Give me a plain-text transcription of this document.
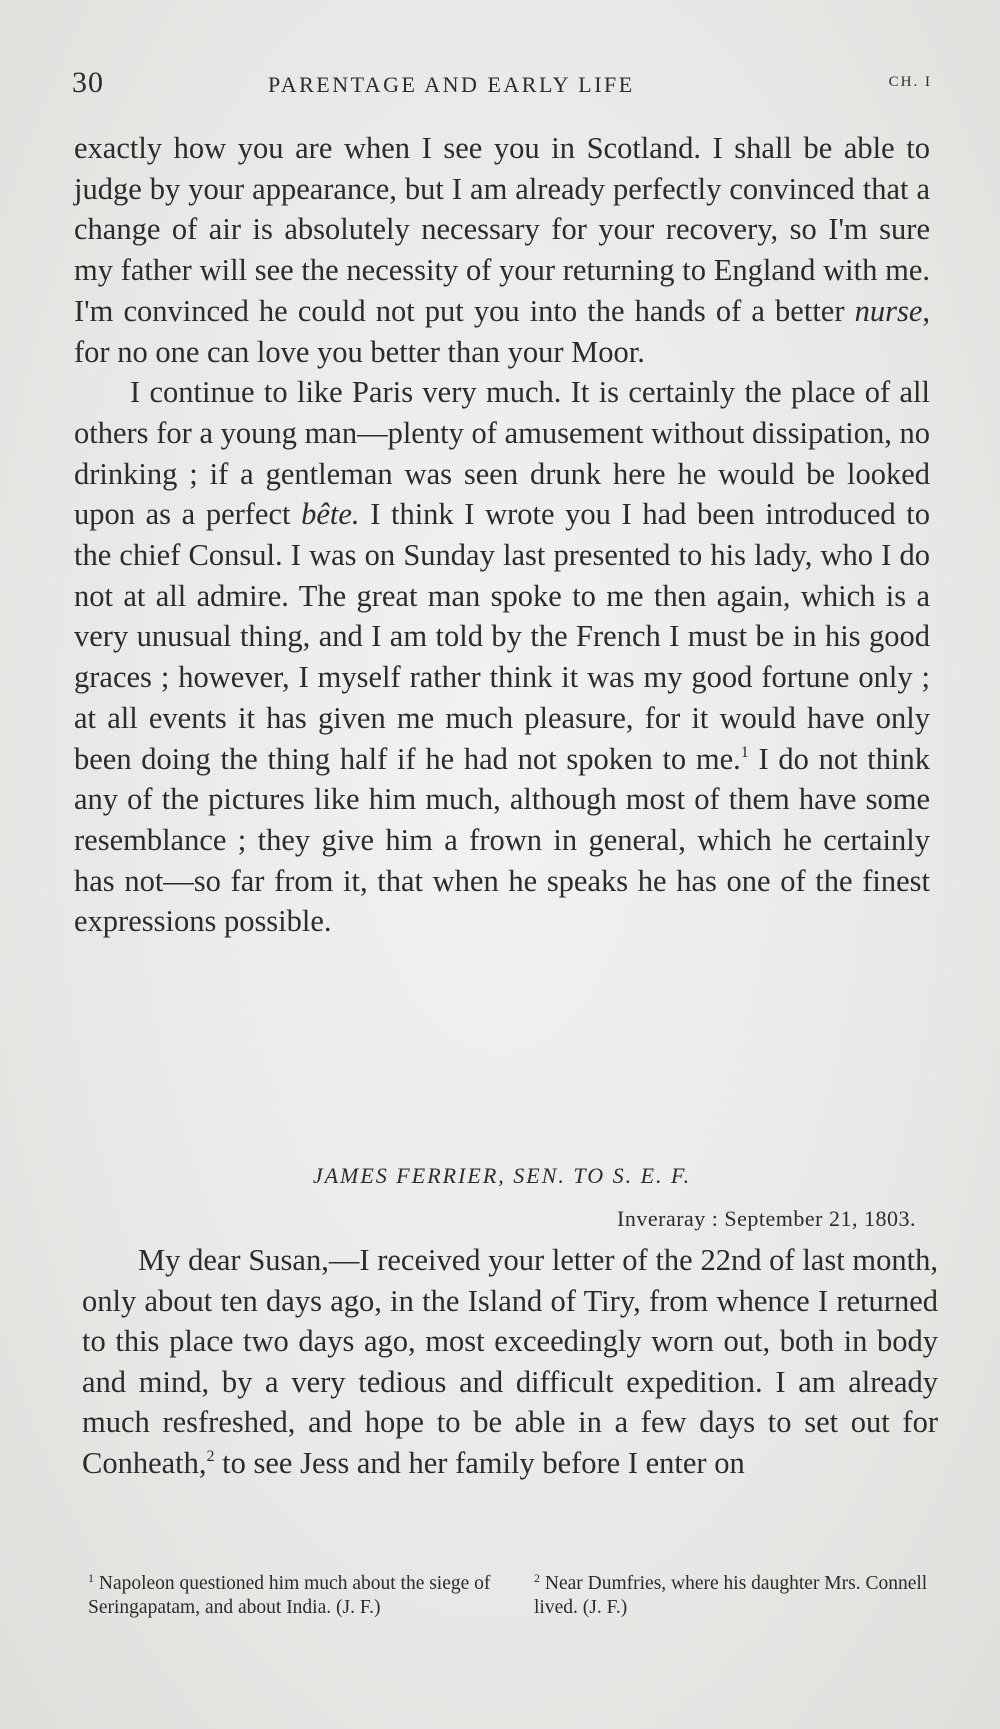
30	PARENTAGE AND EARLY LIFE	CH. I

exactly how you are when I see you in Scotland. I shall be able to judge by your appearance, but I am already perfectly convinced that a change of air is absolutely necessary for your recovery, so I'm sure my father will see the necessity of your returning to England with me. I'm convinced he could not put you into the hands of a better nurse, for no one can love you better than your Moor.

I continue to like Paris very much. It is certainly the place of all others for a young man—plenty of amusement without dissipation, no drinking ; if a gentleman was seen drunk here he would be looked upon as a perfect bête. I think I wrote you I had been introduced to the chief Consul. I was on Sunday last presented to his lady, who I do not at all admire. The great man spoke to me then again, which is a very unusual thing, and I am told by the French I must be in his good graces ; however, I myself rather think it was my good fortune only ; at all events it has given me much pleasure, for it would have only been doing the thing half if he had not spoken to me.$^1$ I do not think any of the pictures like him much, although most of them have some resemblance ; they give him a frown in general, which he certainly has not—so far from it, that when he speaks he has one of the finest expressions possible.

JAMES FERRIER, SEN. TO S. E. F.
Inveraray : September 21, 1803.

My dear Susan,—I received your letter of the 22nd of last month, only about ten days ago, in the Island of Tiry, from whence I returned to this place two days ago, most exceedingly worn out, both in body and mind, by a very tedious and difficult expedition. I am already much resfreshed, and hope to be able in a few days to set out for Conheath,$^2$ to see Jess and her family before I enter on

$^1$ Napoleon questioned him much about the siege of Seringapatam, and about India. (J. F.)

$^2$ Near Dumfries, where his daughter Mrs. Connell lived. (J. F.)
